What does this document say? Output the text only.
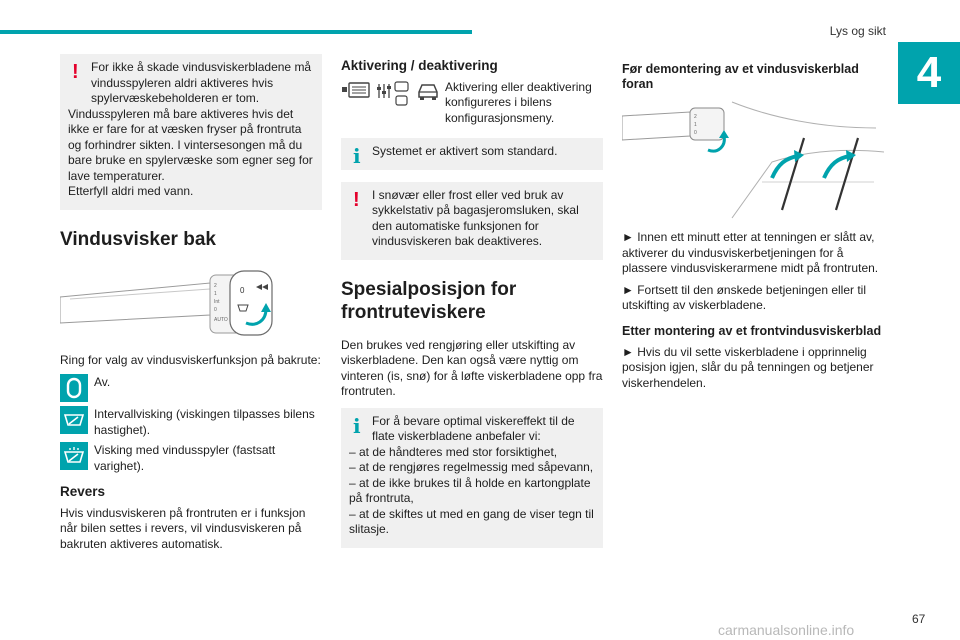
Lys og sikt
4
!	For ikke å skade vindusviskerbladene må vindusspyleren aldri aktiveres hvis spylervæskebeholderen er tom.

Vindusspyleren må bare aktiveres hvis det ikke er fare for at væsken fryser på frontruta og forhindrer sikten. I vintersesongen må du bare bruke en spylervæske som egner seg for lave temperaturer.

Etterfyll aldri med vann.

Vindusvisker bak
2
1
Int
0
AUTO
0

Ring for valg av vindusviskerfunksjon på bakrute:

Av.
Intervallvisking (viskingen tilpasses bilens hastighet).
Visking med vindusspyler (fastsatt varighet).
Revers

Hvis vindusviskeren på frontruten er i funksjon når bilen settes i revers, vil vindusviskeren på bakruten aktiveres automatisk.

Aktivering / deaktivering

Aktivering eller deaktivering konfigureres i bilens konfigurasjonsmeny.

i Systemet er aktivert som standard.

!	I snøvær eller frost eller ved bruk av sykkelstativ på bagasjeromsluken, skal den automatiske funksjonen for vindusviskeren bak deaktiveres.

Spesialposisjon for frontruteviskere

Den brukes ved rengjøring eller utskifting av viskerbladene. Den kan også være nyttig om vinteren (is, snø) for å løfte viskerbladene opp fra frontruten.

i For å bevare optimal viskereffekt til de flate viskerbladene anbefaler vi:

– at de håndteres med stor forsiktighet,

– at de rengjøres regelmessig med såpevann,

– at de ikke brukes til å holde en kartongplate på frontruta,

– at de skiftes ut med en gang de viser tegn til slitasje.

Før demontering av et vindusviskerblad foran
2
1
0

► Innen ett minutt etter at tenningen er slått av, aktiverer du vindusviskerbetjeningen for å plassere vindusviskerarmene midt på frontruten.

► Fortsett til den ønskede betjeningen eller til utskifting av viskerbladene.

Etter montering av et frontvindusviskerblad

► Hvis du vil sette viskerbladene i opprinnelig posisjon igjen, slår du på tenningen og betjener viskerhendelen.

67
carmanualsonline.info
